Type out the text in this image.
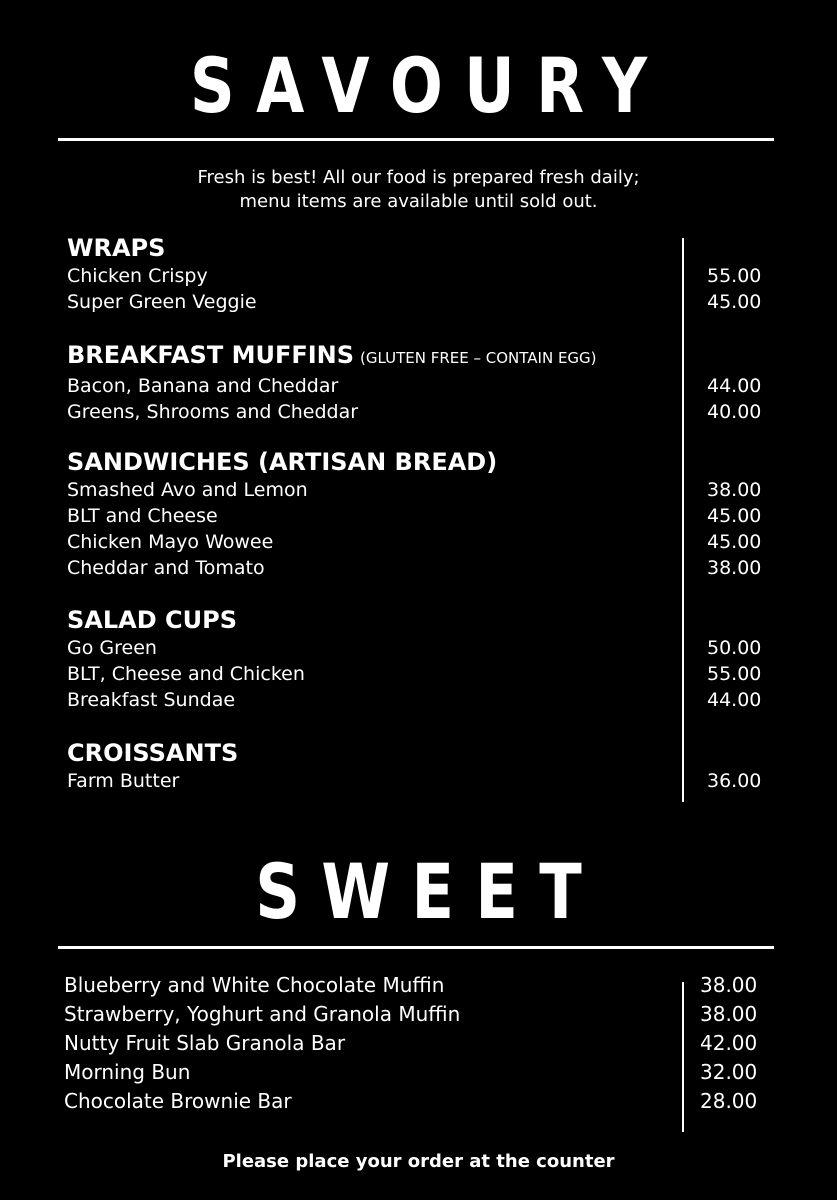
SAVOURY
Fresh is best! All our food is prepared fresh daily;
menu items are available until sold out.
WRAPS
Chicken Crispy	55.00
Super Green Veggie	45.00
BREAKFAST MUFFINS (GLUTEN FREE – CONTAIN EGG)
Bacon, Banana and Cheddar	44.00
Greens, Shrooms and Cheddar	40.00
SANDWICHES (ARTISAN BREAD)
Smashed Avo and Lemon	38.00
BLT and Cheese	45.00
Chicken Mayo Wowee	45.00
Cheddar and Tomato	38.00
SALAD CUPS
Go Green	50.00
BLT, Cheese and Chicken	55.00
Breakfast Sundae	44.00
CROISSANTS
Farm Butter	36.00
SWEET
Blueberry and White Chocolate Muffin	38.00
Strawberry, Yoghurt and Granola Muffin	38.00
Nutty Fruit Slab Granola Bar	42.00
Morning Bun	32.00
Chocolate Brownie Bar	28.00
Please place your order at the counter
